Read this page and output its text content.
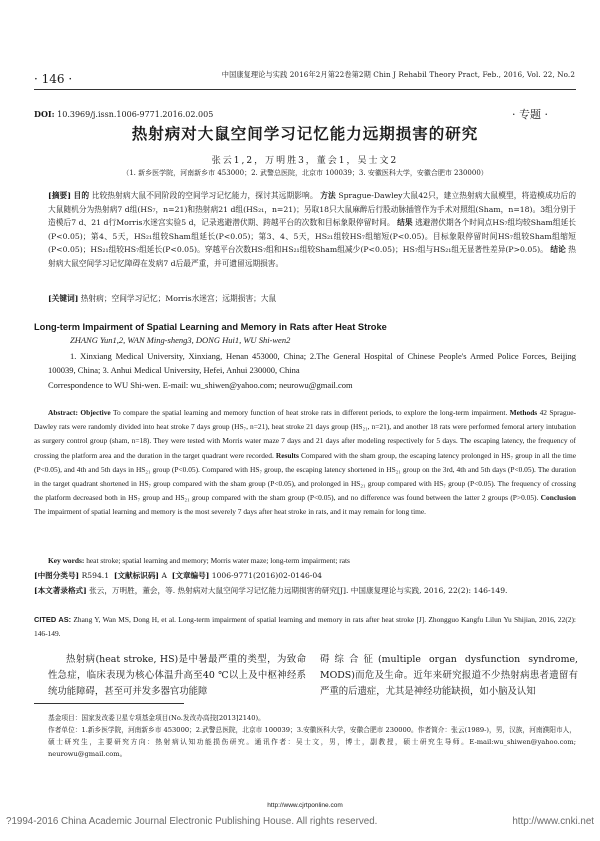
· 146 ·	中国康复理论与实践 2016年2月第22卷第2期 Chin J Rehabil Theory Pract, Feb., 2016, Vol. 22, No.2
DOI: 10.3969/j.issn.1006-9771.2016.02.005	· 专题 ·
热射病对大鼠空间学习记忆能力远期损害的研究
张云1,2，万明胜3，董会1，吴士文2
（1. 新乡医学院，河南新乡市 453000；2. 武警总医院，北京市 100039；3. 安徽医科大学，安徽合肥市 230000）
[摘要] 目的 比较热射病大鼠不同阶段的空间学习记忆能力，探讨其远期影响。 方法 Sprague-Dawley大鼠42只，建立热射病大鼠模型，将造模成功后的大鼠随机分为热射病7 d组(HS₇，n=21)和热射病21 d组(HS₂₁，n=21)；另取18只大鼠麻醉后行股动脉插管作为手术对照组(Sham，n=18)。3组分别于造模后7 d、21 d行Morris水迷宫实验5 d，记录逃避潜伏期、跨越平台的次数和目标象限停留时间。 结果 逃避潜伏期各个时间点HS₇组均较Sham组延长(P<0.05)；第4、5天，HS₂₁组较Sham组延长(P<0.05)；第3、4、5天，HS₂₁组较HS₇组缩短(P<0.05)。目标象限停留时间HS₇组较Sham组缩短(P<0.05)；HS₂₁组较HS₇组延长(P<0.05)。穿越平台次数HS₇组和HS₂₁组较Sham组减少(P<0.05)；HS₇组与HS₂₁组无显著性差异(P>0.05)。 结论 热射病大鼠空间学习记忆障碍在发病7 d后最严重，并可遗留远期损害。
[关键词] 热射病；空间学习记忆；Morris水迷宫；远期损害；大鼠
Long-term Impairment of Spatial Learning and Memory in Rats after Heat Stroke
ZHANG Yun1,2, WAN Ming-sheng3, DONG Hui1, WU Shi-wen2
1. Xinxiang Medical University, Xinxiang, Henan 453000, China; 2.The General Hospital of Chinese People's Armed Police Forces, Beijing 100039, China; 3. Anhui Medical University, Hefei, Anhui 230000, China
Correspondence to WU Shi-wen. E-mail: wu_shiwen@yahoo.com; neurowu@gmail.com
Abstract: Objective To compare the spatial learning and memory function of heat stroke rats in different periods, to explore the long-term impairment. Methods 42 Sprague-Dawley rats were randomly divided into heat stroke 7 days group (HS₇, n=21), heat stroke 21 days group (HS₂₁, n=21), and another 18 rats were performed femoral artery intubation as surgery control group (sham, n=18). They were tested with Morris water maze 7 days and 21 days after modeling respectively for 5 days. The escaping latency, the frequency of crossing the platform area and the duration in the target quadrant were recorded. Results Compared with the sham group, the escaping latency prolonged in HS₇ group in all the time (P<0.05), and 4th and 5th days in HS₂₁ group (P<0.05). Compared with HS₇ group, the escaping latency shortened in HS₂₁ group on the 3rd, 4th and 5th days (P<0.05). The duration in the target quadrant shortened in HS₇ group compared with the sham group (P<0.05), and prolonged in HS₂₁ group compared with HS₇ group (P<0.05). The frequency of crossing the platform decreased both in HS₇ group and HS₂₁ group compared with the sham group (P<0.05), and no difference was found between the latter 2 groups (P>0.05). Conclusion The impairment of spatial learning and memory is the most severely 7 days after heat stroke in rats, and it may remain for long time.
Key words: heat stroke; spatial learning and memory; Morris water maze; long-term impairment; rats
[中图分类号] R594.1 [文献标识码] A [文章编号] 1006-9771(2016)02-0146-04
[本文著录格式] 张云，万明胜，董会，等. 热射病对大鼠空间学习记忆能力远期损害的研究[J]. 中国康复理论与实践, 2016, 22(2): 146-149.
CITED AS: Zhang Y, Wan MS, Dong H, et al. Long-term impairment of spatial learning and memory in rats after heat stroke [J]. Zhongguo Kangfu Lilun Yu Shijian, 2016, 22(2): 146-149.
热射病(heat stroke, HS)是中暑最严重的类型，为致命性急症，临床表现为核心体温升高至40 ℃以上及中枢神经系统功能障碍，甚至可并发多器官功能障
碍综合征(multiple organ dysfunction syndrome, MODS)而危及生命。近年来研究报道不少热射病患者遗留有严重的后遗症，尤其是神经功能缺损，如小脑及认知
基金项目：国家发改委卫星专项基金项目(No.发改办高技[2013]2140)。
作者单位：1.新乡医学院，河南新乡市 453000；2.武警总医院，北京市 100039；3.安徽医科大学，安徽合肥市 230000。作者简介：张云(1989-)，男，汉族，河南濮阳市人，硕士研究生，主要研究方向：热射病认知功能损伤研究。通讯作者：吴士文，男，博士，副教授，硕士研究生导师。E-mail:wu_shiwen@yahoo.com; neurowu@gmail.com。
http://www.cjrtponline.com
?1994-2016 China Academic Journal Electronic Publishing House. All rights reserved.	http://www.cnki.net
